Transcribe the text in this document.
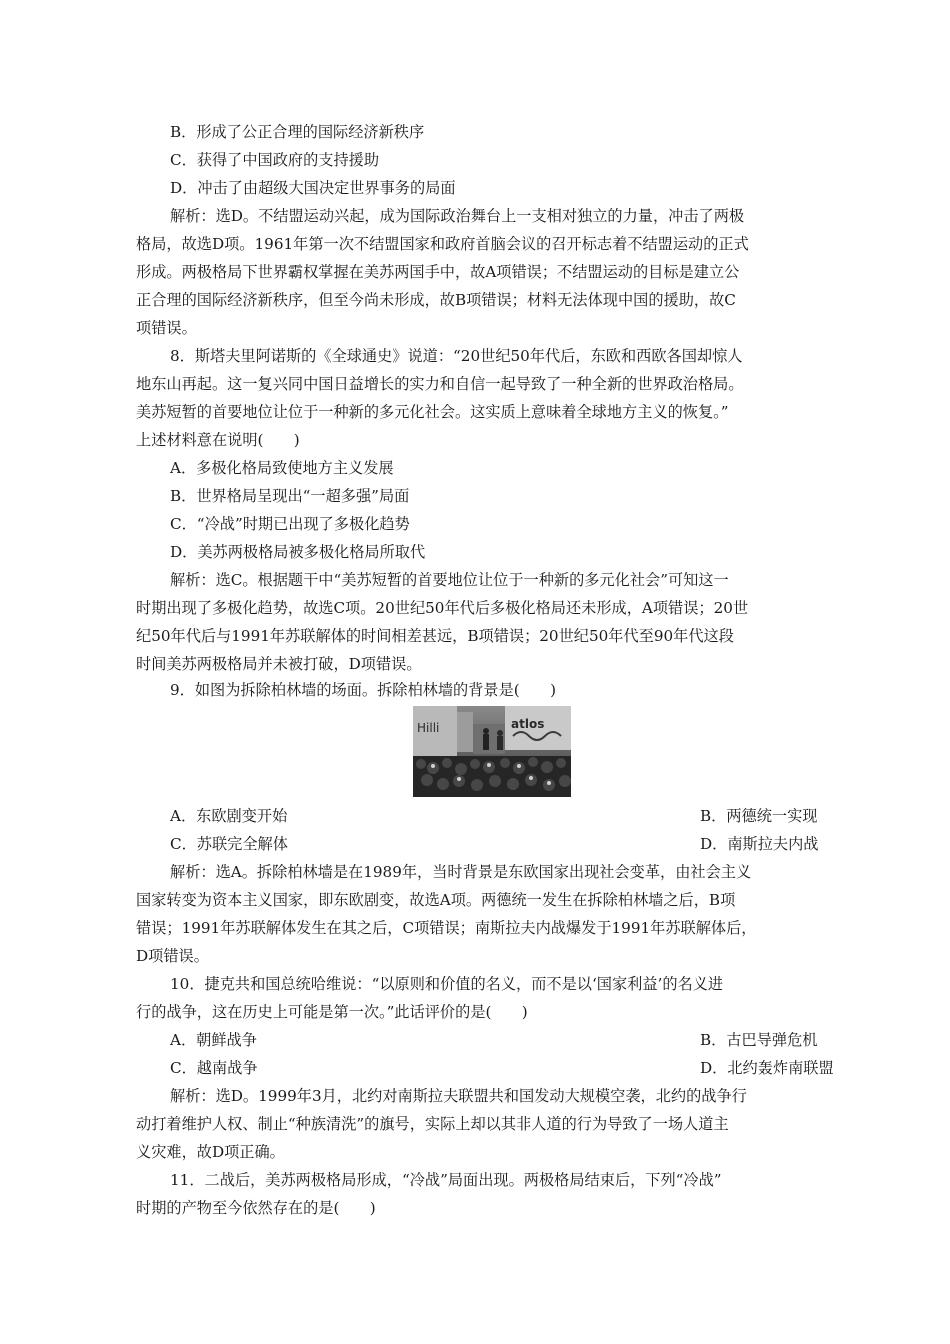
B．形成了公正合理的国际经济新秩序
C．获得了中国政府的支持援助
D．冲击了由超级大国决定世界事务的局面
解析：选D。不结盟运动兴起，成为国际政治舞台上一支相对独立的力量，冲击了两极
格局，故选D项。1961年第一次不结盟国家和政府首脑会议的召开标志着不结盟运动的正式
形成。两极格局下世界霸权掌握在美苏两国手中，故A项错误；不结盟运动的目标是建立公
正合理的国际经济新秩序，但至今尚未形成，故B项错误；材料无法体现中国的援助，故C
项错误。
8．斯塔夫里阿诺斯的《全球通史》说道：“20世纪50年代后，东欧和西欧各国却惊人
地东山再起。这一复兴同中国日益增长的实力和自信一起导致了一种全新的世界政治格局。
美苏短暂的首要地位让位于一种新的多元化社会。这实质上意味着全球地方主义的恢复。”
上述材料意在说明(　　)
A．多极化格局致使地方主义发展
B．世界格局呈现出“一超多强”局面
C．“冷战”时期已出现了多极化趋势
D．美苏两极格局被多极化格局所取代
解析：选C。根据题干中“美苏短暂的首要地位让位于一种新的多元化社会”可知这一
时期出现了多极化趋势，故选C项。20世纪50年代后多极化格局还未形成，A项错误；20世
纪50年代后与1991年苏联解体的时间相差甚远，B项错误；20世纪50年代至90年代这段
时间美苏两极格局并未被打破，D项错误。
9．如图为拆除柏林墙的场面。拆除柏林墙的背景是(　　)
Hilli	atlos
A．东欧剧变开始	B．两德统一实现
C．苏联完全解体	D．南斯拉夫内战
解析：选A。拆除柏林墙是在1989年，当时背景是东欧国家出现社会变革，由社会主义
国家转变为资本主义国家，即东欧剧变，故选A项。两德统一发生在拆除柏林墙之后，B项
错误；1991年苏联解体发生在其之后，C项错误；南斯拉夫内战爆发于1991年苏联解体后，
D项错误。
10．捷克共和国总统哈维说：“以原则和价值的名义，而不是以‘国家利益’的名义进
行的战争，这在历史上可能是第一次。”此话评价的是(　　)
A．朝鲜战争	B．古巴导弹危机
C．越南战争	D．北约轰炸南联盟
解析：选D。1999年3月，北约对南斯拉夫联盟共和国发动大规模空袭，北约的战争行
动打着维护人权、制止“种族清洗”的旗号，实际上却以其非人道的行为导致了一场人道主
义灾难，故D项正确。
11．二战后，美苏两极格局形成，“冷战”局面出现。两极格局结束后，下列“冷战”
时期的产物至今依然存在的是(　　)
